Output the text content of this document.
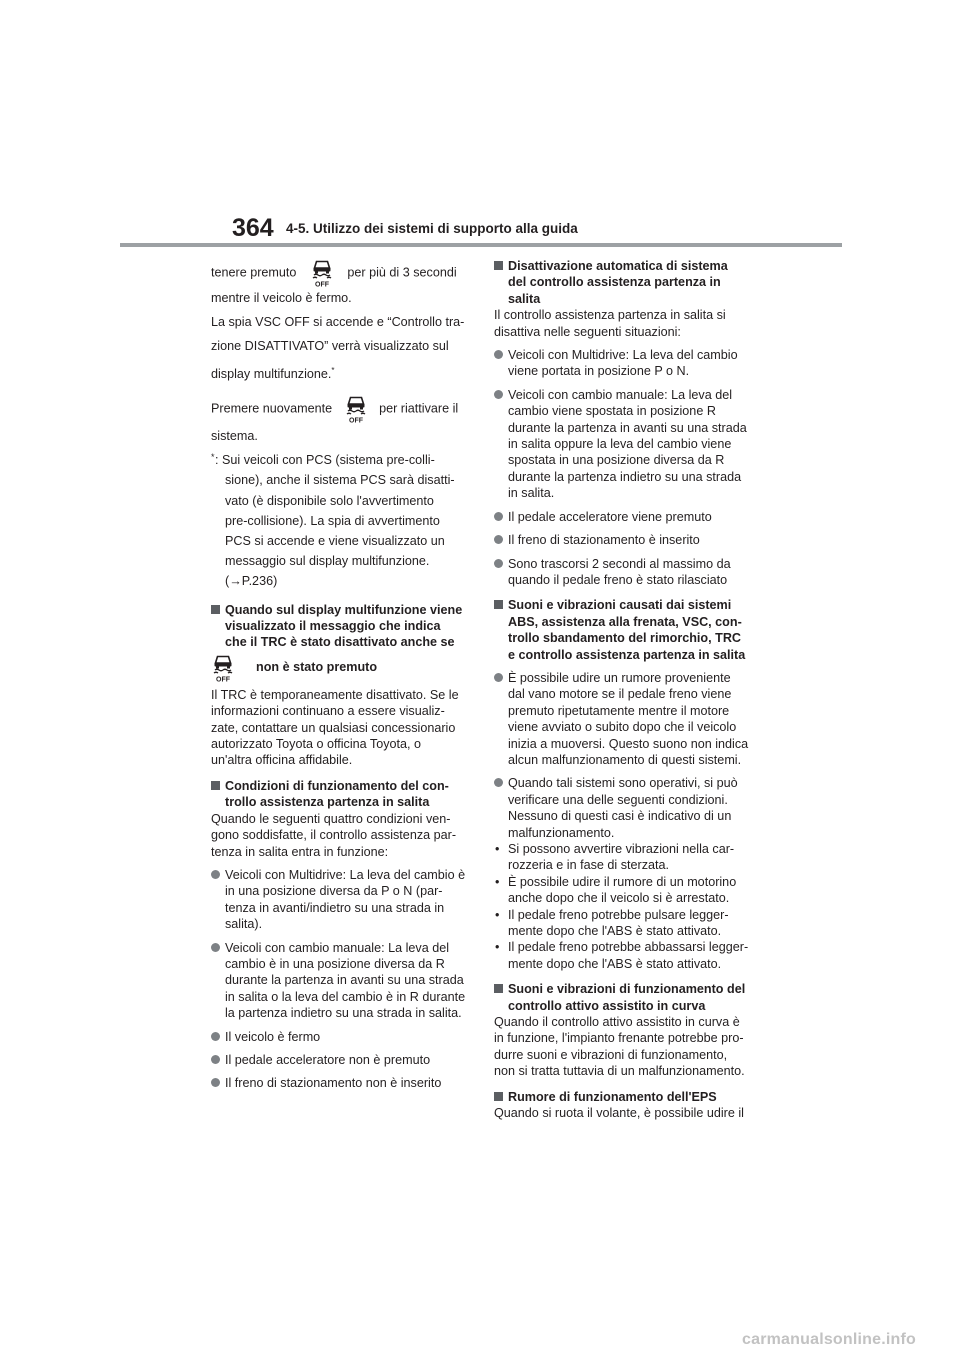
364 4-5. Utilizzo dei sistemi di supporto alla guida

tenere premuto	per più di 3 secondi

mentre il veicolo è fermo.

La spia VSC OFF si accende e “Controllo tra-

zione DISATTIVATO” verrà visualizzato sul

display multifunzione.*

Premere nuovamente	per riattivare il

sistema.

* : Sui veicoli con PCS (sistema pre-colli-
sione), anche il sistema PCS sarà disatti-
vato (è disponibile solo l'avvertimento
pre-collisione). La spia di avvertimento
PCS si accende e viene visualizzato un
messaggio sul display multifunzione.
(→P.236)
Quando sul display multifunzione viene
visualizzato il messaggio che indica
che il TRC è stato disattivato anche se
non è stato premuto
Il TRC è temporaneamente disattivato. Se le
informazioni continuano a essere visualiz-
zate, contattare un qualsiasi concessionario
autorizzato Toyota o officina Toyota, o
un'altra officina affidabile.
Condizioni di funzionamento del con-
trollo assistenza partenza in salita
Quando le seguenti quattro condizioni ven-
gono soddisfatte, il controllo assistenza par-
tenza in salita entra in funzione:
Veicoli con Multidrive: La leva del cambio è
in una posizione diversa da P o N (par-
tenza in avanti/indietro su una strada in
salita).
Veicoli con cambio manuale: La leva del
cambio è in una posizione diversa da R
durante la partenza in avanti su una strada
in salita o la leva del cambio è in R durante
la partenza indietro su una strada in salita.
Il veicolo è fermo
Il pedale acceleratore non è premuto
Il freno di stazionamento non è inserito
Disattivazione automatica di sistema
del controllo assistenza partenza in
salita
Il controllo assistenza partenza in salita si
disattiva nelle seguenti situazioni:
Veicoli con Multidrive: La leva del cambio
viene portata in posizione P o N.
Veicoli con cambio manuale: La leva del
cambio viene spostata in posizione R
durante la partenza in avanti su una strada
in salita oppure la leva del cambio viene
spostata in una posizione diversa da R
durante la partenza indietro su una strada
in salita.
Il pedale acceleratore viene premuto
Il freno di stazionamento è inserito
Sono trascorsi 2 secondi al massimo da
quando il pedale freno è stato rilasciato
Suoni e vibrazioni causati dai sistemi
ABS, assistenza alla frenata, VSC, con-
trollo sbandamento del rimorchio, TRC
e controllo assistenza partenza in salita
È possibile udire un rumore proveniente
dal vano motore se il pedale freno viene
premuto ripetutamente mentre il motore
viene avviato o subito dopo che il veicolo
inizia a muoversi. Questo suono non indica
alcun malfunzionamento di questi sistemi.
Quando tali sistemi sono operativi, si può
verificare una delle seguenti condizioni.
Nessuno di questi casi è indicativo di un
malfunzionamento.
• Si possono avvertire vibrazioni nella car-
rozzeria e in fase di sterzata.
• È possibile udire il rumore di un motorino
anche dopo che il veicolo si è arrestato.
• Il pedale freno potrebbe pulsare legger-
mente dopo che l'ABS è stato attivato.
• Il pedale freno potrebbe abbassarsi legger-
mente dopo che l'ABS è stato attivato.
Suoni e vibrazioni di funzionamento del
controllo attivo assistito in curva
Quando il controllo attivo assistito in curva è
in funzione, l'impianto frenante potrebbe pro-
durre suoni e vibrazioni di funzionamento,
non si tratta tuttavia di un malfunzionamento.
Rumore di funzionamento dell'EPS
Quando si ruota il volante, è possibile udire il
carmanualsonline.info
